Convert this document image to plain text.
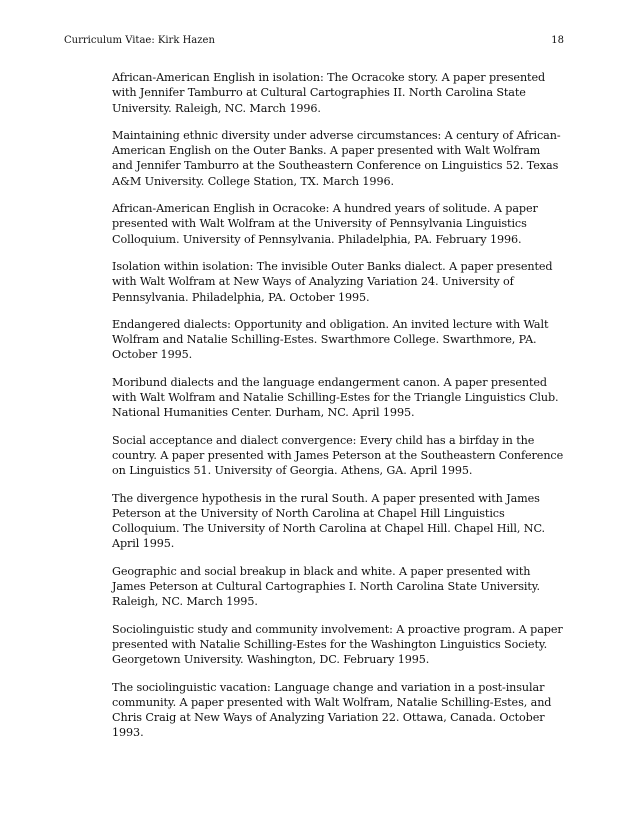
Curriculum Vitae: Kirk Hazen	18

African-American English in isolation: The Ocracoke story. A paper presented with Jennifer Tamburro at Cultural Cartographies II. North Carolina State University. Raleigh, NC. March 1996.

Maintaining ethnic diversity under adverse circumstances: A century of African-American English on the Outer Banks. A paper presented with Walt Wolfram and Jennifer Tamburro at the Southeastern Conference on Linguistics 52. Texas A&M University. College Station, TX. March 1996.

African-American English in Ocracoke: A hundred years of solitude. A paper presented with Walt Wolfram at the University of Pennsylvania Linguistics Colloquium. University of Pennsylvania. Philadelphia, PA. February 1996.

Isolation within isolation: The invisible Outer Banks dialect. A paper presented with Walt Wolfram at New Ways of Analyzing Variation 24. University of Pennsylvania. Philadelphia, PA. October 1995.

Endangered dialects: Opportunity and obligation. An invited lecture with Walt Wolfram and Natalie Schilling-Estes. Swarthmore College. Swarthmore, PA. October 1995.

Moribund dialects and the language endangerment canon. A paper presented with Walt Wolfram and Natalie Schilling-Estes for the Triangle Linguistics Club. National Humanities Center. Durham, NC. April 1995.

Social acceptance and dialect convergence: Every child has a birfday in the country. A paper presented with James Peterson at the Southeastern Conference on Linguistics 51. University of Georgia. Athens, GA. April 1995.

The divergence hypothesis in the rural South. A paper presented with James Peterson at the University of North Carolina at Chapel Hill Linguistics Colloquium. The University of North Carolina at Chapel Hill. Chapel Hill, NC. April 1995.

Geographic and social breakup in black and white. A paper presented with James Peterson at Cultural Cartographies I. North Carolina State University. Raleigh, NC. March 1995.

Sociolinguistic study and community involvement: A proactive program. A paper presented with Natalie Schilling-Estes for the Washington Linguistics Society. Georgetown University. Washington, DC. February 1995.

The sociolinguistic vacation: Language change and variation in a post-insular community. A paper presented with Walt Wolfram, Natalie Schilling-Estes, and Chris Craig at New Ways of Analyzing Variation 22. Ottawa, Canada. October 1993.
